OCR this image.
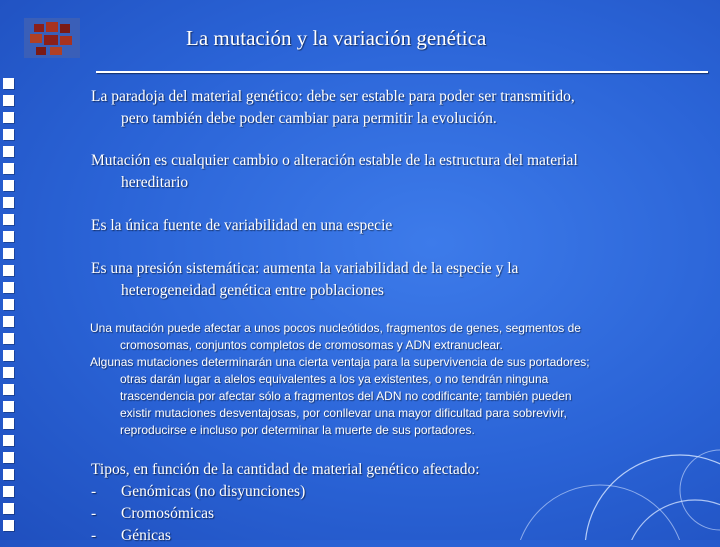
La mutación y la variación genética
La paradoja del material genético: debe ser estable para poder ser transmitido,
pero también debe poder cambiar para permitir la evolución.
Mutación es cualquier cambio o alteración estable de la estructura del material
hereditario
Es la única fuente de variabilidad en una especie
Es una presión sistemática: aumenta la variabilidad de la especie y la
heterogeneidad genética entre poblaciones
Una mutación puede afectar a unos pocos nucleótidos, fragmentos de genes, segmentos de
cromosomas, conjuntos completos de cromosomas y ADN extranuclear.
Algunas mutaciones determinarán una cierta ventaja para la supervivencia de sus portadores;
otras darán lugar a alelos equivalentes a los ya existentes, o no tendrán ninguna
trascendencia por afectar sólo a fragmentos del ADN no codificante; también pueden
existir mutaciones desventajosas, por conllevar una mayor dificultad para sobrevivir,
reproducirse e incluso por determinar la muerte de sus portadores.
Tipos, en función de la cantidad de material genético afectado:
- Genómicas (no disyunciones)
- Cromosómicas
- Génicas
